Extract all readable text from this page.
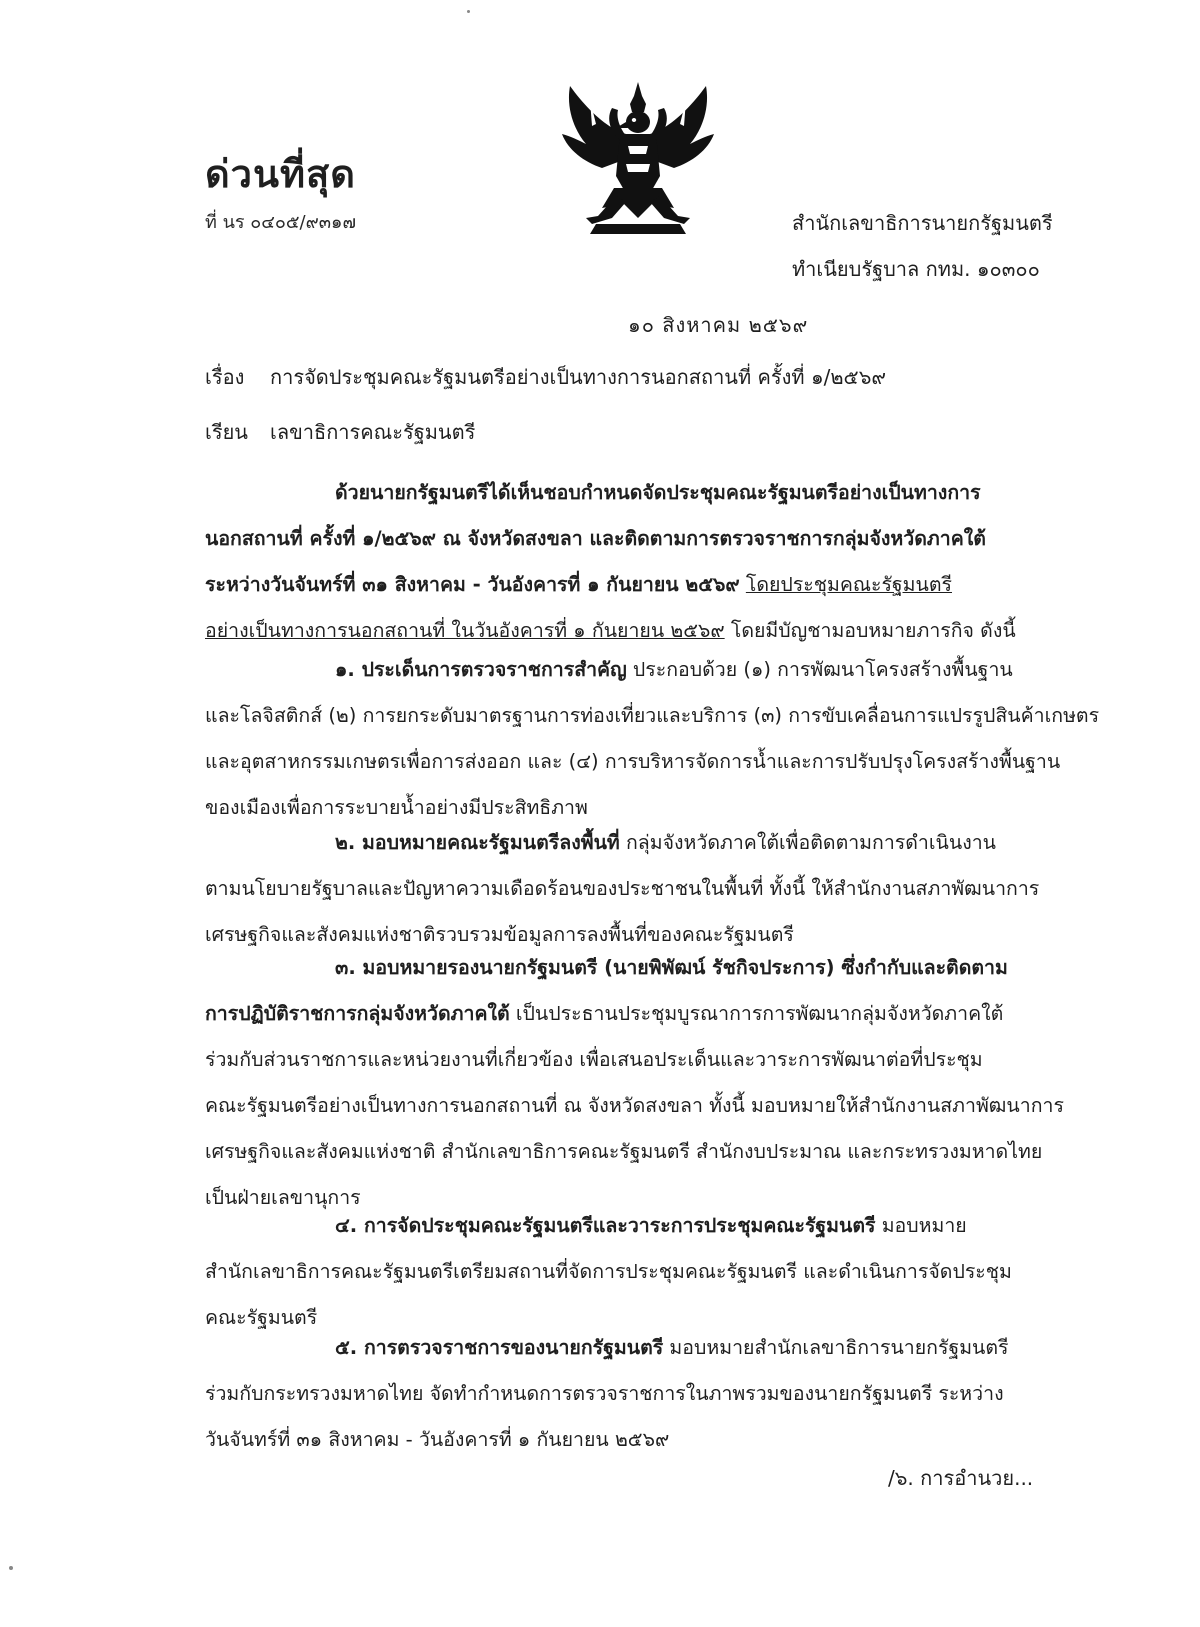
ด่วนที่สุด
ที่ นร ๐๔๐๕/๙๓๑๗	สำนักเลขาธิการนายกรัฐมนตรี
ทำเนียบรัฐบาล กทม. ๑๐๓๐๐
๑๐ สิงหาคม ๒๕๖๙
เรื่อง การจัดประชุมคณะรัฐมนตรีอย่างเป็นทางการนอกสถานที่ ครั้งที่ ๑/๒๕๖๙
เรียน เลขาธิการคณะรัฐมนตรี
ด้วยนายกรัฐมนตรีได้เห็นชอบกำหนดจัดประชุมคณะรัฐมนตรีอย่างเป็นทางการ
นอกสถานที่ ครั้งที่ ๑/๒๕๖๙ ณ จังหวัดสงขลา และติดตามการตรวจราชการกลุ่มจังหวัดภาคใต้
ระหว่างวันจันทร์ที่ ๓๑ สิงหาคม - วันอังคารที่ ๑ กันยายน ๒๕๖๙ โดยประชุมคณะรัฐมนตรี
อย่างเป็นทางการนอกสถานที่ ในวันอังคารที่ ๑ กันยายน ๒๕๖๙ โดยมีบัญชามอบหมายภารกิจ ดังนี้
๑. ประเด็นการตรวจราชการสำคัญ ประกอบด้วย (๑) การพัฒนาโครงสร้างพื้นฐาน
และโลจิสติกส์ (๒) การยกระดับมาตรฐานการท่องเที่ยวและบริการ (๓) การขับเคลื่อนการแปรรูปสินค้าเกษตร
และอุตสาหกรรมเกษตรเพื่อการส่งออก และ (๔) การบริหารจัดการน้ำและการปรับปรุงโครงสร้างพื้นฐาน
ของเมืองเพื่อการระบายน้ำอย่างมีประสิทธิภาพ
๒. มอบหมายคณะรัฐมนตรีลงพื้นที่ กลุ่มจังหวัดภาคใต้เพื่อติดตามการดำเนินงาน
ตามนโยบายรัฐบาลและปัญหาความเดือดร้อนของประชาชนในพื้นที่ ทั้งนี้ ให้สำนักงานสภาพัฒนาการ
เศรษฐกิจและสังคมแห่งชาติรวบรวมข้อมูลการลงพื้นที่ของคณะรัฐมนตรี
๓. มอบหมายรองนายกรัฐมนตรี (นายพิพัฒน์ รัชกิจประการ) ซึ่งกำกับและติดตาม
การปฏิบัติราชการกลุ่มจังหวัดภาคใต้ เป็นประธานประชุมบูรณาการการพัฒนากลุ่มจังหวัดภาคใต้
ร่วมกับส่วนราชการและหน่วยงานที่เกี่ยวข้อง เพื่อเสนอประเด็นและวาระการพัฒนาต่อที่ประชุม
คณะรัฐมนตรีอย่างเป็นทางการนอกสถานที่ ณ จังหวัดสงขลา ทั้งนี้ มอบหมายให้สำนักงานสภาพัฒนาการ
เศรษฐกิจและสังคมแห่งชาติ สำนักเลขาธิการคณะรัฐมนตรี สำนักงบประมาณ และกระทรวงมหาดไทย
เป็นฝ่ายเลขานุการ
๔. การจัดประชุมคณะรัฐมนตรีและวาระการประชุมคณะรัฐมนตรี มอบหมาย
สำนักเลขาธิการคณะรัฐมนตรีเตรียมสถานที่จัดการประชุมคณะรัฐมนตรี และดำเนินการจัดประชุม
คณะรัฐมนตรี
๕. การตรวจราชการของนายกรัฐมนตรี มอบหมายสำนักเลขาธิการนายกรัฐมนตรี
ร่วมกับกระทรวงมหาดไทย จัดทำกำหนดการตรวจราชการในภาพรวมของนายกรัฐมนตรี ระหว่าง
วันจันทร์ที่ ๓๑ สิงหาคม - วันอังคารที่ ๑ กันยายน ๒๕๖๙
/๖. การอำนวย...
